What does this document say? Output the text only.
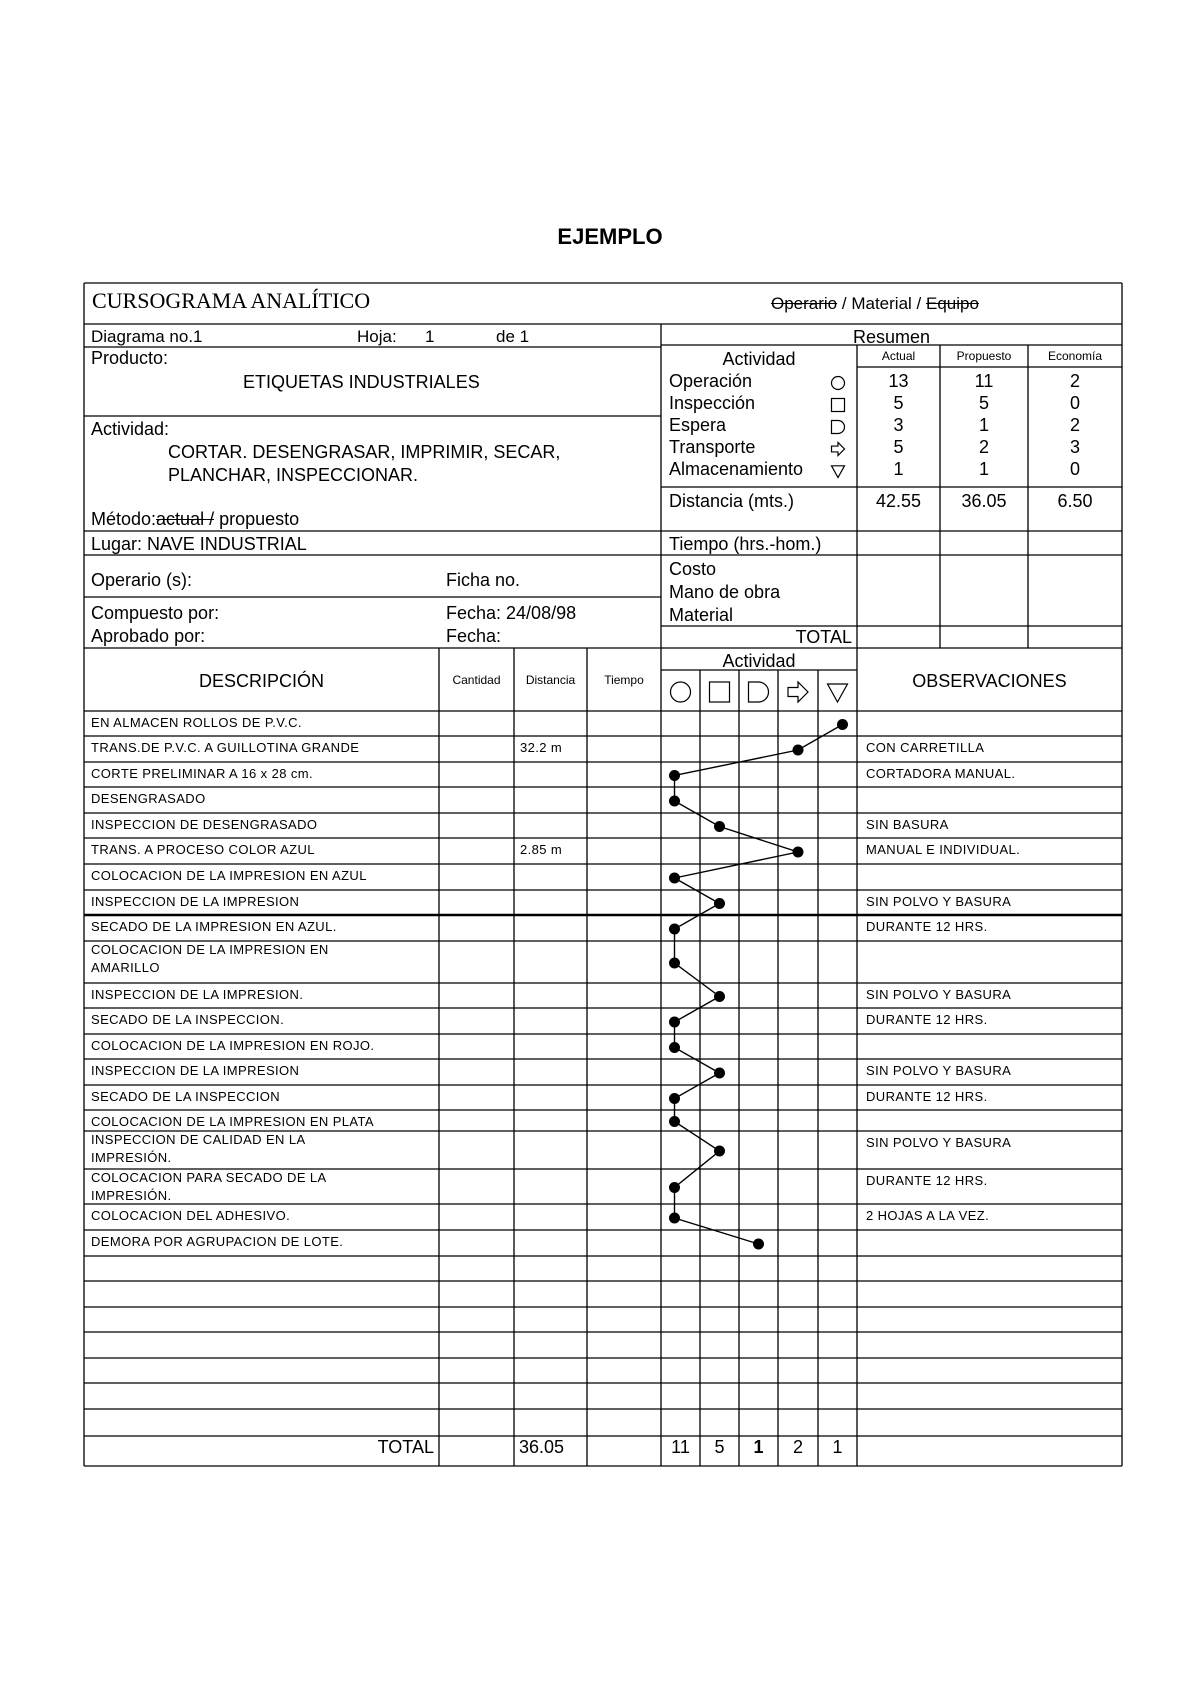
EJEMPLO
CURSOGRAMA ANALÍTICO	Operario / Material / Equipo
Diagrama no.1	Hoja: 1	de 1
Producto:
ETIQUETAS INDUSTRIALES
Actividad:
CORTAR. DESENGRASAR, IMPRIMIR, SECAR,
PLANCHAR, INSPECCIONAR.
Método:actual / propuesto
Lugar: NAVE INDUSTRIAL
Operario (s):	Ficha no.
Compuesto por:	Fecha: 24/08/98
Aprobado por:	Fecha:
Resumen
Actividad	Actual	Propuesto	Economía
Operación	13	11	2
Inspección	5	5	0
Espera	3	1	2
Transporte	5	2	3
Almacenamiento	1	1	0
Distancia (mts.)	42.55	36.05	6.50
Tiempo (hrs.-hom.)
Costo
Mano de obra
Material
TOTAL
DESCRIPCIÓN	Cantidad	Distancia	Tiempo
Actividad
OBSERVACIONES
EN ALMACEN ROLLOS DE P.V.C.
TRANS.DE P.V.C. A GUILLOTINA GRANDE	32.2 m	CON CARRETILLA
CORTE PRELIMINAR A 16 x 28 cm.	CORTADORA MANUAL.
DESENGRASADO
INSPECCION DE DESENGRASADO	SIN BASURA
TRANS. A PROCESO COLOR AZUL	2.85 m	MANUAL E INDIVIDUAL.
COLOCACION DE LA IMPRESION EN AZUL
INSPECCION DE LA IMPRESION	SIN POLVO Y BASURA
SECADO DE LA IMPRESION EN AZUL.	DURANTE 12 HRS.
COLOCACION DE LA IMPRESION EN
AMARILLO
INSPECCION DE LA IMPRESION.	SIN POLVO Y BASURA
SECADO DE LA INSPECCION.	DURANTE 12 HRS.
COLOCACION DE LA IMPRESION EN ROJO.
INSPECCION DE LA IMPRESION	SIN POLVO Y BASURA
SECADO DE LA INSPECCION	DURANTE 12 HRS.
COLOCACION DE LA IMPRESION EN PLATA
INSPECCION DE CALIDAD EN LA
IMPRESIÓN.
SIN POLVO Y BASURA
COLOCACION PARA SECADO DE LA
IMPRESIÓN.
DURANTE 12 HRS.
COLOCACION DEL ADHESIVO.	2 HOJAS A LA VEZ.
DEMORA POR AGRUPACION DE LOTE.
TOTAL	36.05	11	5	1	2	1
